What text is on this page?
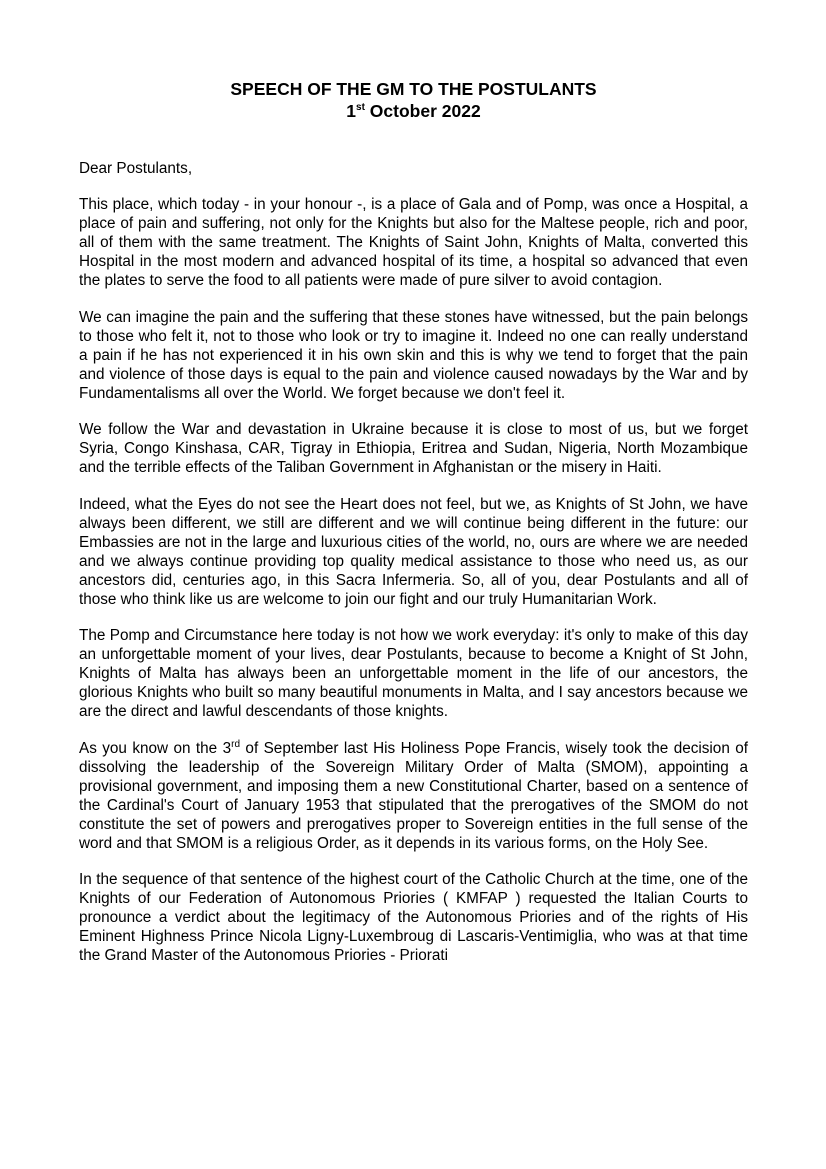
SPEECH OF THE GM TO THE POSTULANTS
1st October 2022

Dear Postulants,

This place, which today - in your honour -, is a place of Gala and of Pomp, was once a Hospital, a place of pain and suffering, not only for the Knights but also for the Maltese people, rich and poor, all of them with the same treatment. The Knights of Saint John, Knights of Malta, converted this Hospital in the most modern and advanced hospital of its time, a hospital so advanced that even the plates to serve the food to all patients were made of pure silver to avoid contagion.

We can imagine the pain and the suffering that these stones have witnessed, but the pain belongs to those who felt it, not to those who look or try to imagine it. Indeed no one can really understand a pain if he has not experienced it in his own skin and this is why we tend to forget that the pain and violence of those days is equal to the pain and violence caused nowadays by the War and by Fundamentalisms all over the World. We forget because we don't feel it.

We follow the War and devastation in Ukraine because it is close to most of us, but we forget Syria, Congo Kinshasa, CAR, Tigray in Ethiopia, Eritrea and Sudan, Nigeria, North Mozambique and the terrible effects of the Taliban Government in Afghanistan or the misery in Haiti.

Indeed, what the Eyes do not see the Heart does not feel, but we, as Knights of St John, we have always been different, we still are different and we will continue being different in the future: our Embassies are not in the large and luxurious cities of the world, no, ours are where we are needed and we always continue providing top quality medical assistance to those who need us, as our ancestors did, centuries ago, in this Sacra Infermeria. So, all of you, dear Postulants and all of those who think like us are welcome to join our fight and our truly Humanitarian Work.

The Pomp and Circumstance here today is not how we work everyday: it's only to make of this day an unforgettable moment of your lives, dear Postulants, because to become a Knight of St John, Knights of Malta has always been an unforgettable moment in the life of our ancestors, the glorious Knights who built so many beautiful monuments in Malta, and I say ancestors because we are the direct and lawful descendants of those knights.

As you know on the 3rd of September last His Holiness Pope Francis, wisely took the decision of dissolving the leadership of the Sovereign Military Order of Malta (SMOM), appointing a provisional government, and imposing them a new Constitutional Charter, based on a sentence of the Cardinal's Court of January 1953 that stipulated that the prerogatives of the SMOM do not constitute the set of powers and prerogatives proper to Sovereign entities in the full sense of the word and that SMOM is a religious Order, as it depends in its various forms, on the Holy See.

In the sequence of that sentence of the highest court of the Catholic Church at the time, one of the Knights of our Federation of Autonomous Priories ( KMFAP ) requested the Italian Courts to pronounce a verdict about the legitimacy of the Autonomous Priories and of the rights of His Eminent Highness Prince Nicola Ligny-Luxembroug di Lascaris-Ventimiglia, who was at that time the Grand Master of the Autonomous Priories - Priorati
